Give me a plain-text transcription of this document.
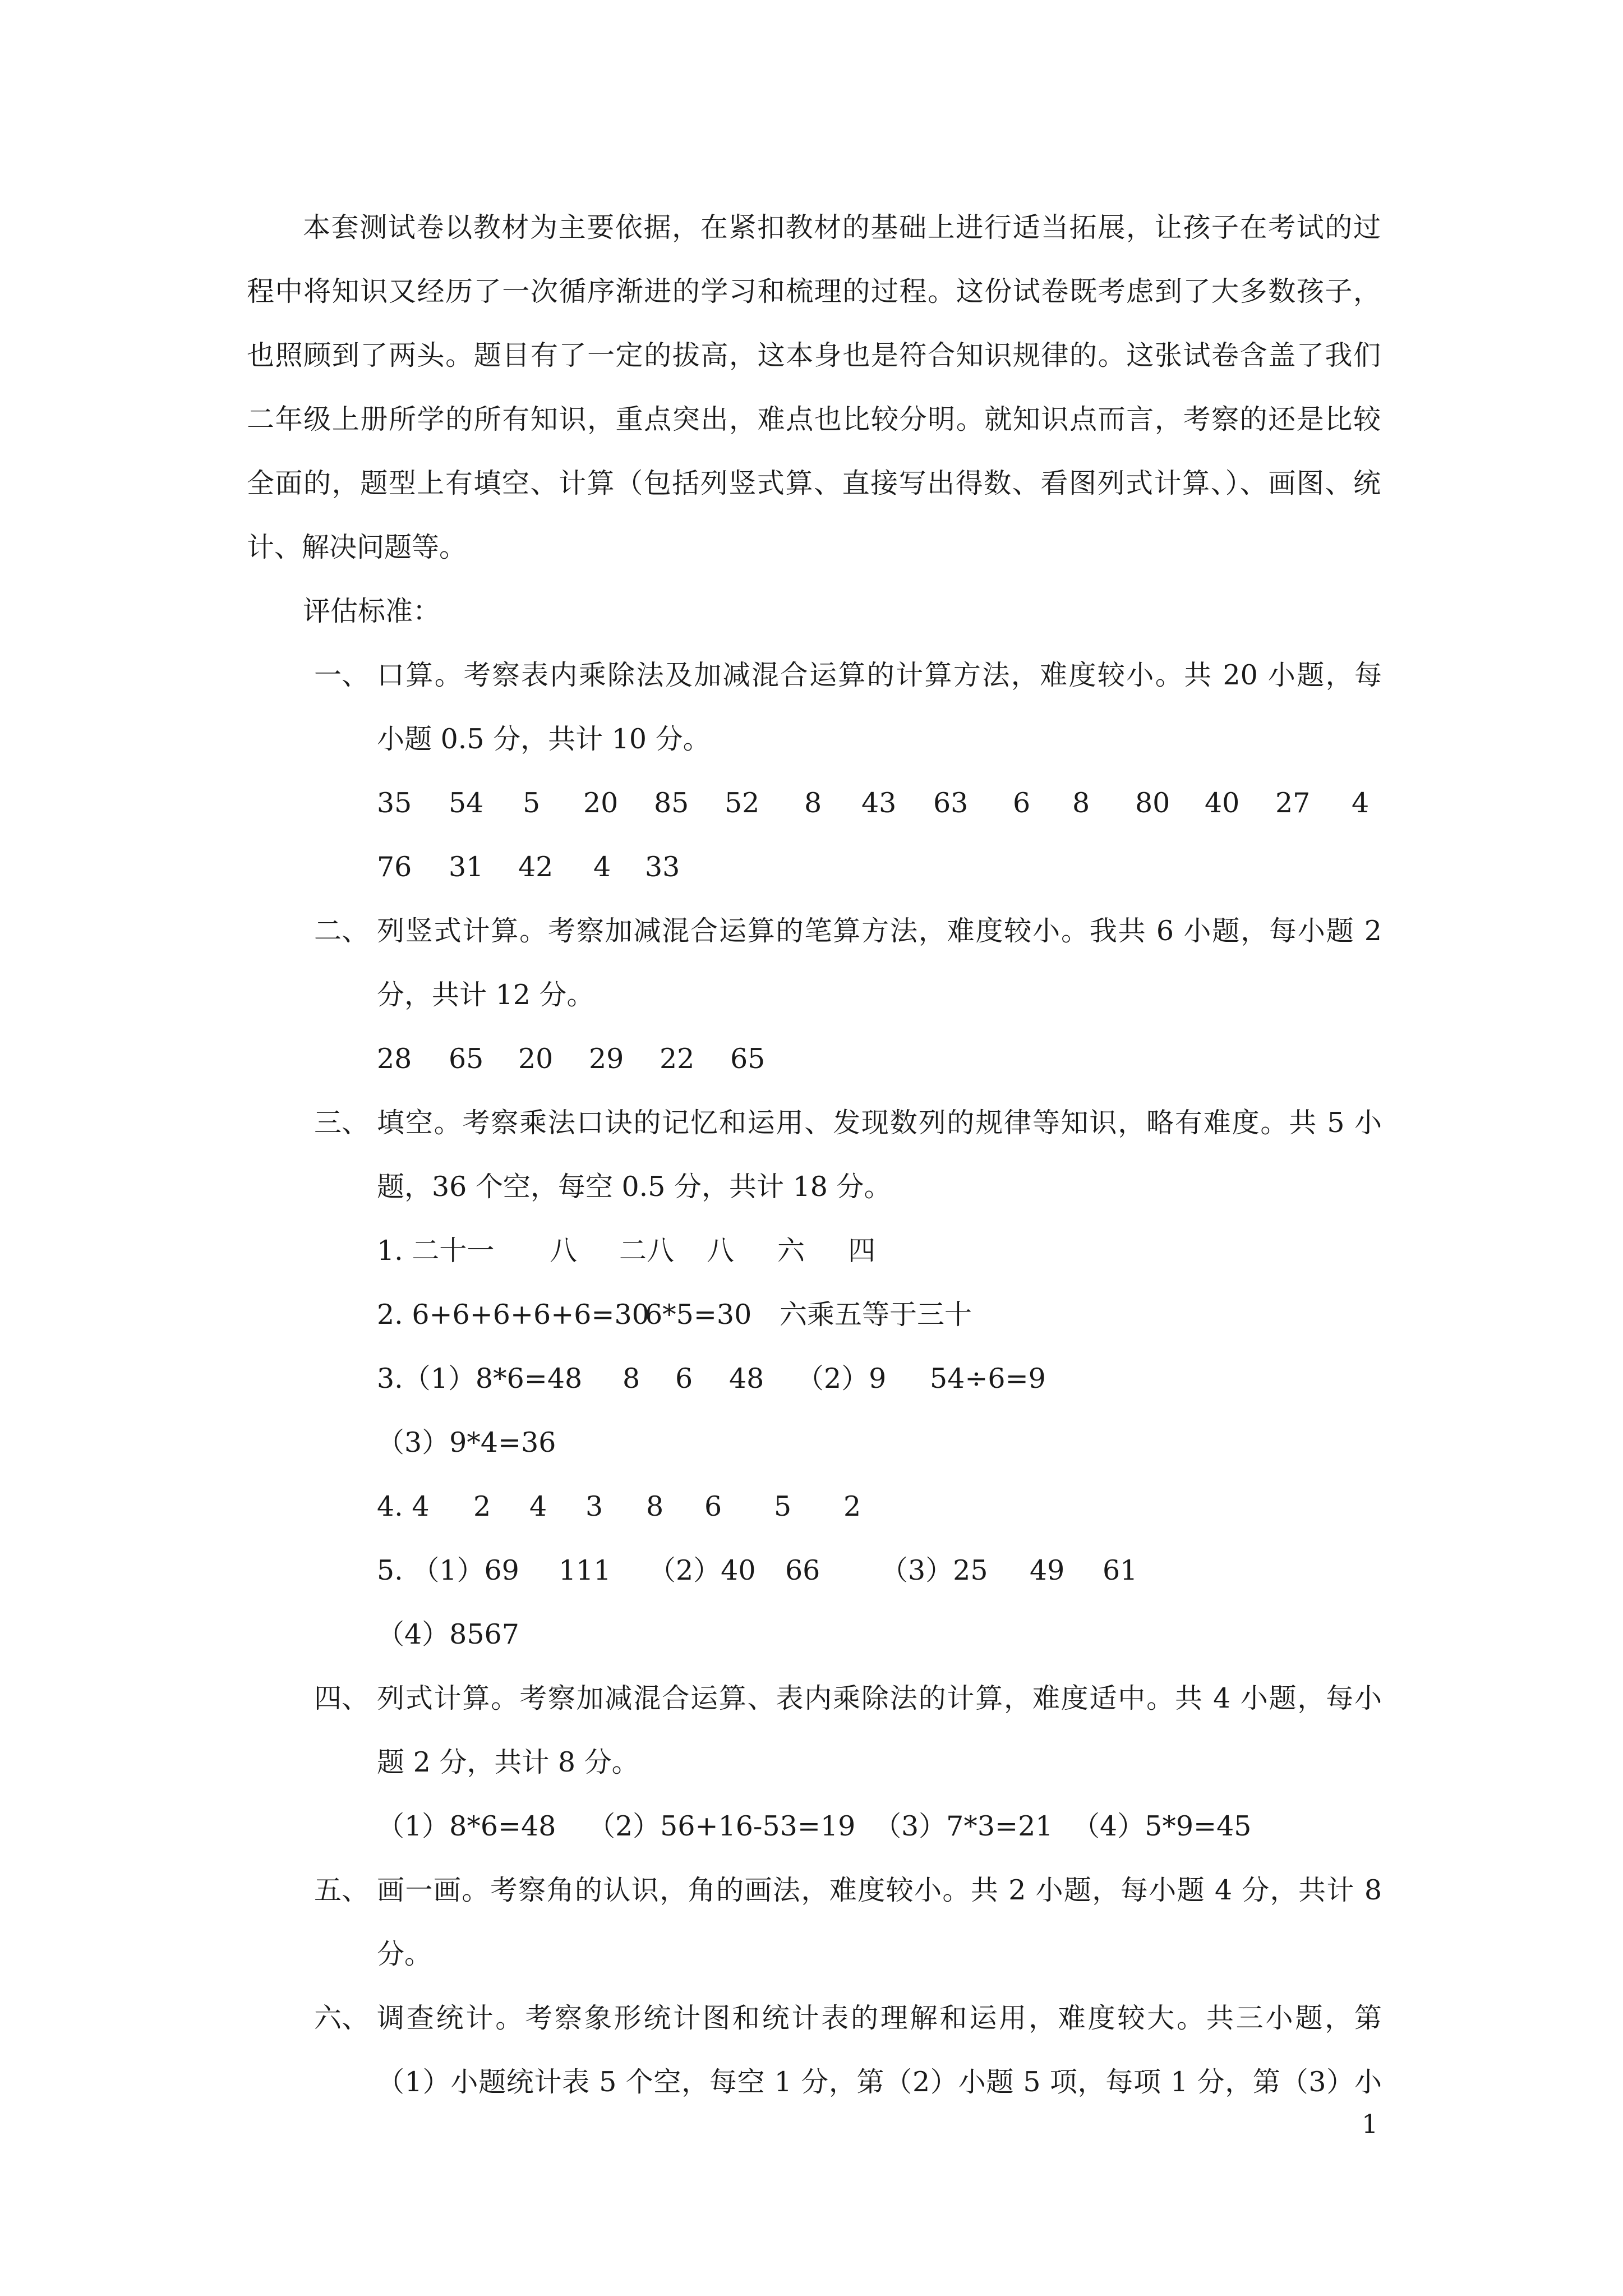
本套测试卷以教材为主要依据，在紧扣教材的基础上进行适当拓展，让孩子在考试的过
程中将知识又经历了一次循序渐进的学习和梳理的过程。这份试卷既考虑到了大多数孩子，
也照顾到了两头。题目有了一定的拔高，这本身也是符合知识规律的。这张试卷含盖了我们
二年级上册所学的所有知识，重点突出，难点也比较分明。就知识点而言，考察的还是比较
全面的，题型上有填空、计算（包括列竖式算、直接写出得数、看图列式计算、）、画图、统
计、解决问题等。
评估标准：
一、 口算。考察表内乘除法及加减混合运算的计算方法，难度较小。共 20 小题，每
小题 0.5 分，共计 10 分。
35 54 5 20 85 52 8 43 63 6 8 80 40 27 4
76 31 42 4 33
二、 列竖式计算。考察加减混合运算的笔算方法，难度较小。我共 6 小题，每小题 2
分，共计 12 分。
28 65 20 29 22 65
三、 填空。考察乘法口诀的记忆和运用、发现数列的规律等知识，略有难度。共 5 小
题，36 个空，每空 0.5 分，共计 18 分。
1. 二十一 八 二八 八 六 四
2. 6+6+6+6+6=30
6*5=30 六乘五等于三十
3.（1）8*6=48 8 6 48 （2）9 54÷6=9
（3）9*4=36
4. 4 2 4 3 8 6 5 2
5. （1）69 111 （2）40 66 （3）25 49 61
（4）8567
四、 列式计算。考察加减混合运算、表内乘除法的计算，难度适中。共 4 小题，每小
题 2 分，共计 8 分。
（1）8*6=48 （2）56+16-53=19 （3）7*3=21 （4）5*9=45
五、 画一画。考察角的认识，角的画法，难度较小。共 2 小题，每小题 4 分，共计 8
分。
六、 调查统计。考察象形统计图和统计表的理解和运用，难度较大。共三小题，第
（1）小题统计表 5 个空，每空 1 分，第（2）小题 5 项，每项 1 分，第（3）小
1
